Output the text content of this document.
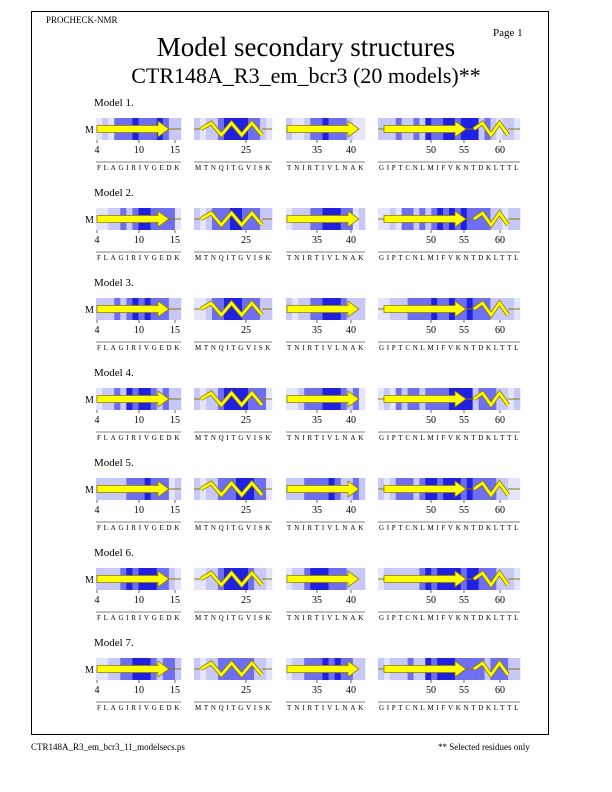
PROCHECK-NMR
Page 1
Model secondary structures
CTR148A_R3_em_bcr3 (20 models)**
Model 1.
M
4	10	15
FLAGIRIVGEDK
25
MTNQITGVISK
35 40
TNIRTIVLNAK
50 55	60
GIPTCNLMIFVKNTDKLTTL
Model 2.
M
4	10	15
FLAGIRIVGEDK
25
MTNQITGVISK
35 40
TNIRTIVLNAK
50 55	60
GIPTCNLMIFVKNTDKLTTL
Model 3.
M
4	10	15
FLAGIRIVGEDK
25
MTNQITGVISK
35 40
TNIRTIVLNAK
50 55	60
GIPTCNLMIFVKNTDKLTTL
Model 4.
M
4	10	15
FLAGIRIVGEDK
25
MTNQITGVISK
35 40
TNIRTIVLNAK
50 55	60
GIPTCNLMIFVKNTDKLTTL
Model 5.
M
4	10	15
FLAGIRIVGEDK
25
MTNQITGVISK
35 40
TNIRTIVLNAK
50 55	60
GIPTCNLMIFVKNTDKLTTL
Model 6.
M
4	10	15
FLAGIRIVGEDK
25
MTNQITGVISK
35 40
TNIRTIVLNAK
50 55	60
GIPTCNLMIFVKNTDKLTTL
Model 7.
M
4	10	15
FLAGIRIVGEDK
25
MTNQITGVISK
35 40
TNIRTIVLNAK
50 55	60
GIPTCNLMIFVKNTDKLTTL
CTR148A_R3_em_bcr3_11_modelsecs.ps	** Selected residues only
